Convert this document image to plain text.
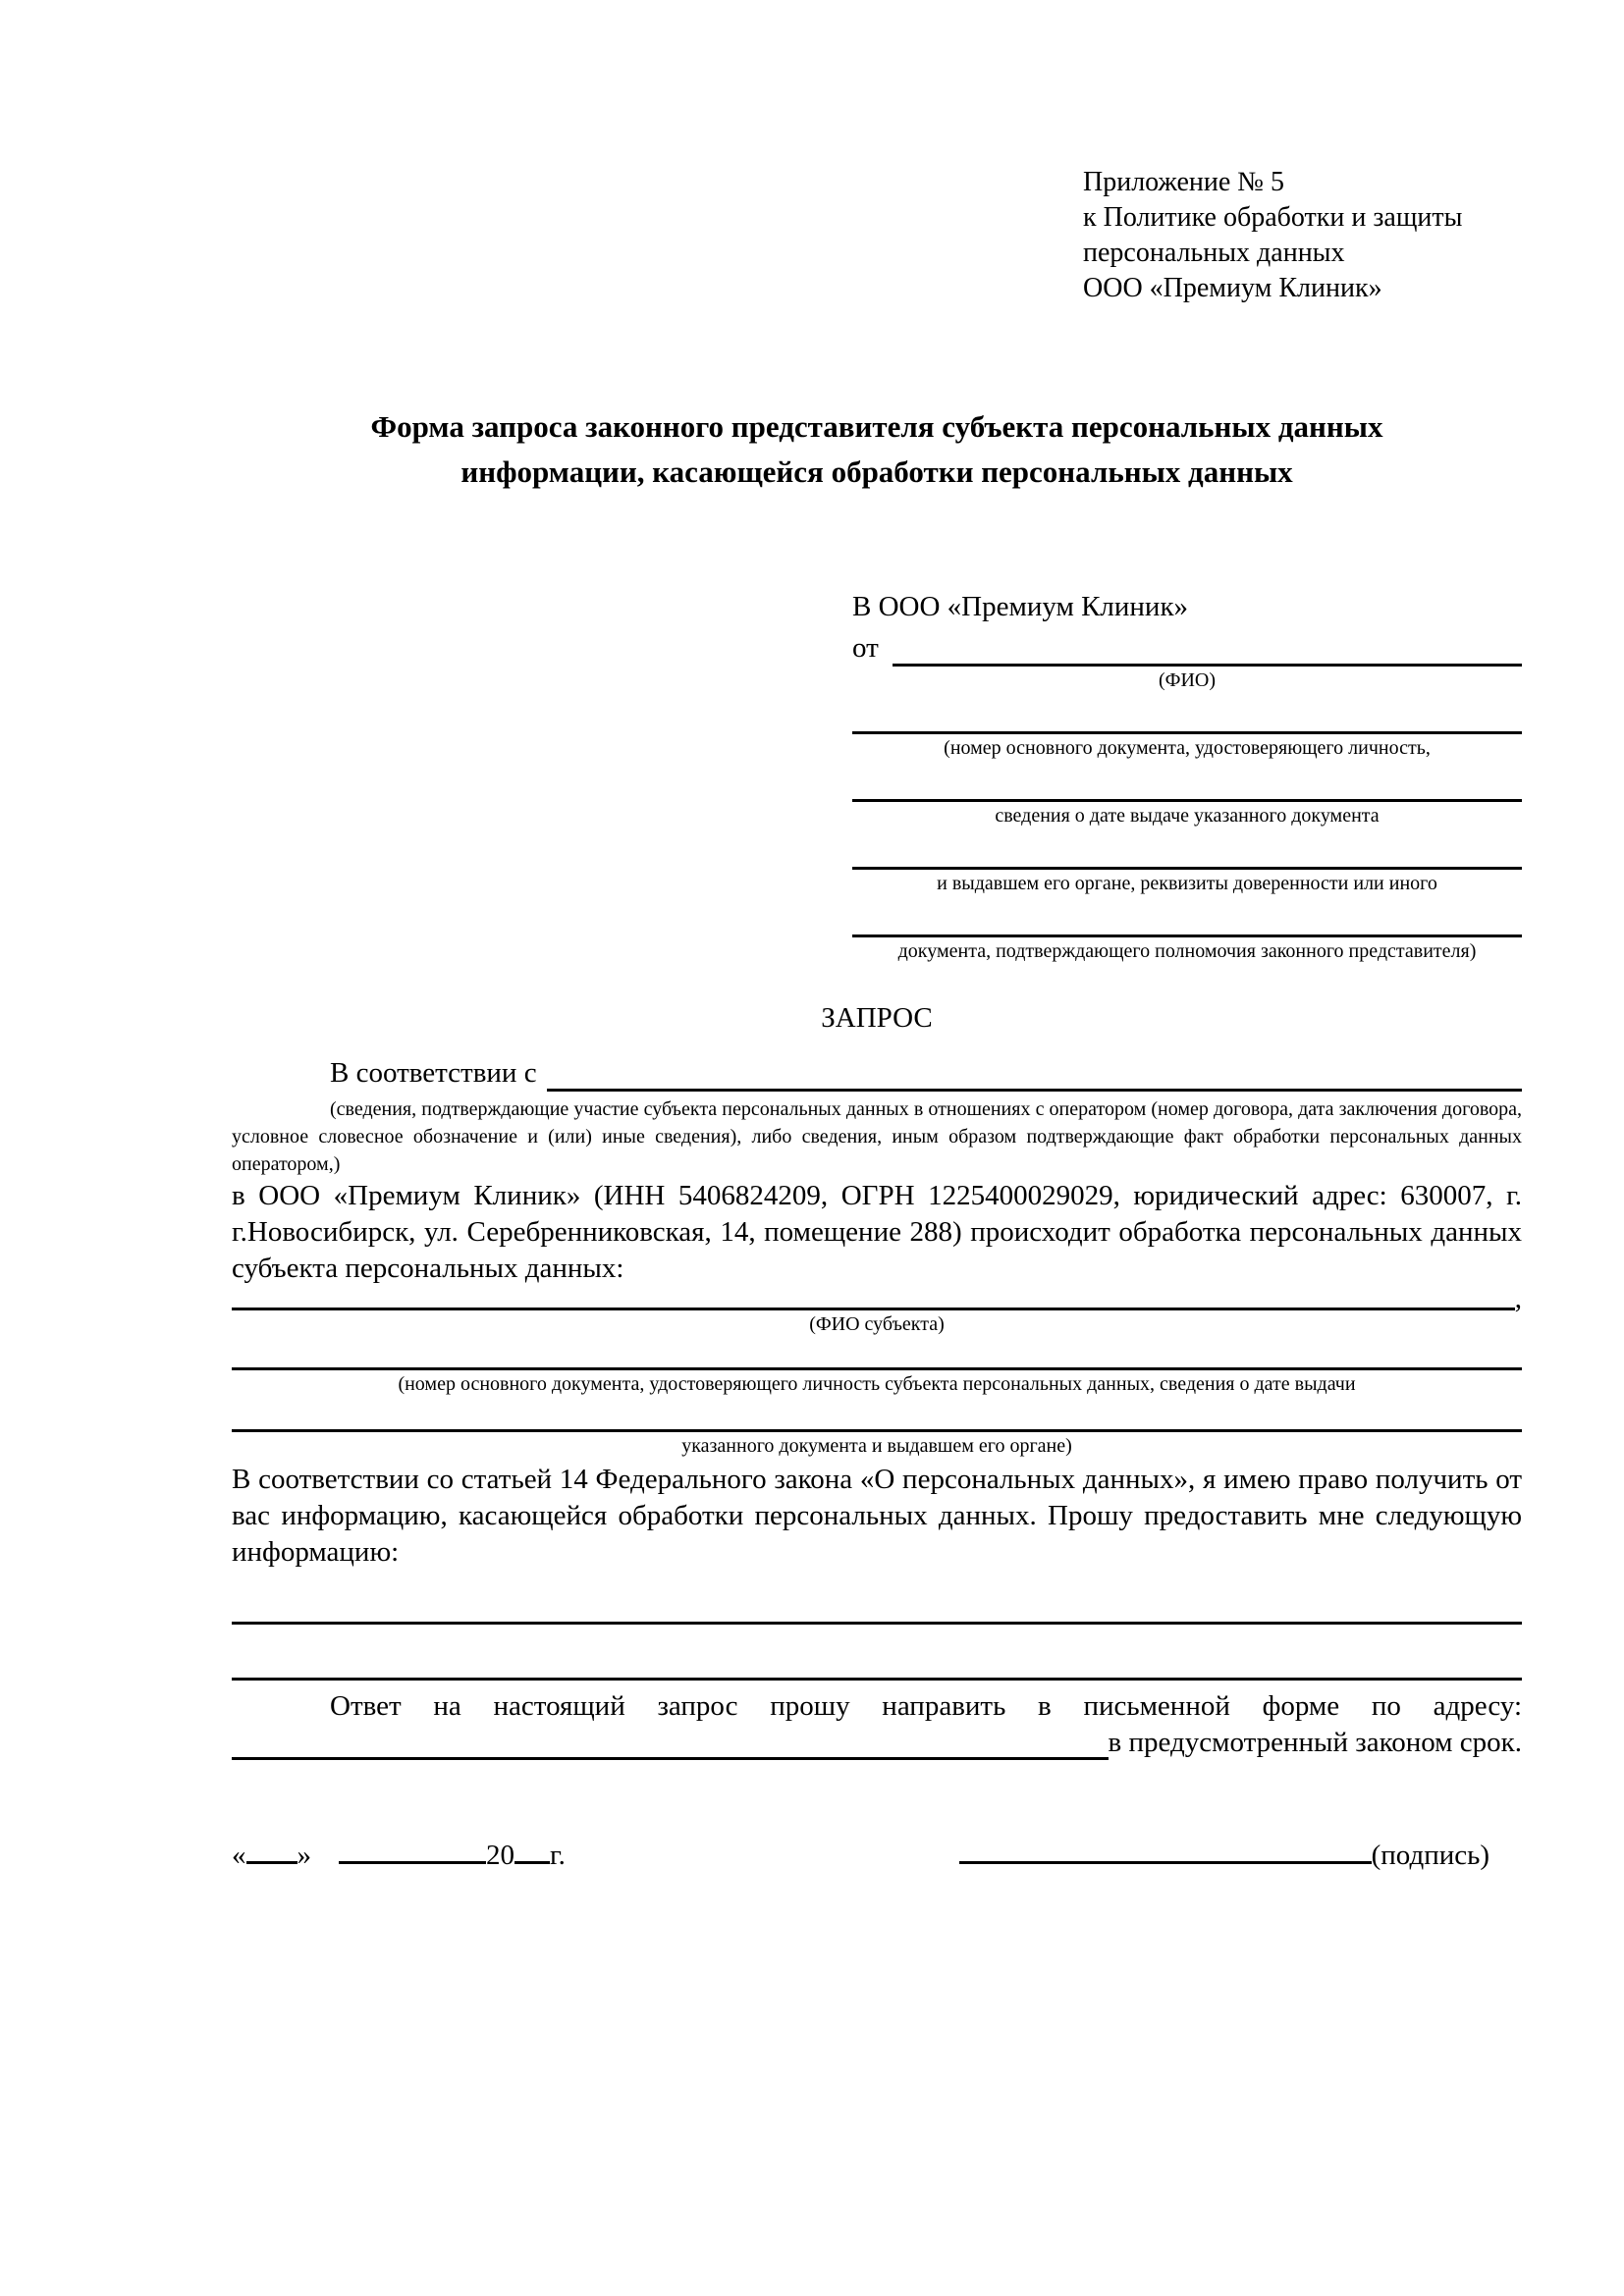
Приложение № 5
к Политике обработки и защиты
персональных данных
ООО «Премиум Клиник»
Форма запроса законного представителя субъекта персональных данных
информации, касающейся обработки персональных данных
В ООО «Премиум Клиник»
от
(ФИО)
(номер основного документа, удостоверяющего личность,
сведения о дате выдаче указанного документа
и выдавшем его органе, реквизиты доверенности или иного
документа, подтверждающего полномочия законного представителя)
ЗАПРОС
В соответствии с
(сведения, подтверждающие участие субъекта персональных данных в отношениях с оператором (номер договора, дата заключения договора, условное словесное обозначение и (или) иные сведения), либо сведения, иным образом подтверждающие факт обработки персональных данных оператором,)

в ООО «Премиум Клиник» (ИНН 5406824209, ОГРН 1225400029029, юридический адрес: 630007, г. г.Новосибирск, ул. Серебренниковская, 14, помещение 288) происходит обработка персональных данных субъекта персональных данных:

,
(ФИО субъекта)
(номер основного документа, удостоверяющего личность субъекта персональных данных, сведения о дате выдачи
указанного документа и выдавшем его органе)

В соответствии со статьей 14 Федерального закона «О персональных данных», я имею право получить от вас информацию, касающейся обработки персональных данных. Прошу предоставить мне следующую информацию:

Ответ на настоящий запрос прошу направить в письменной форме по адресу:
в предусмотренный законом срок.
« »	20 г.	(подпись)
